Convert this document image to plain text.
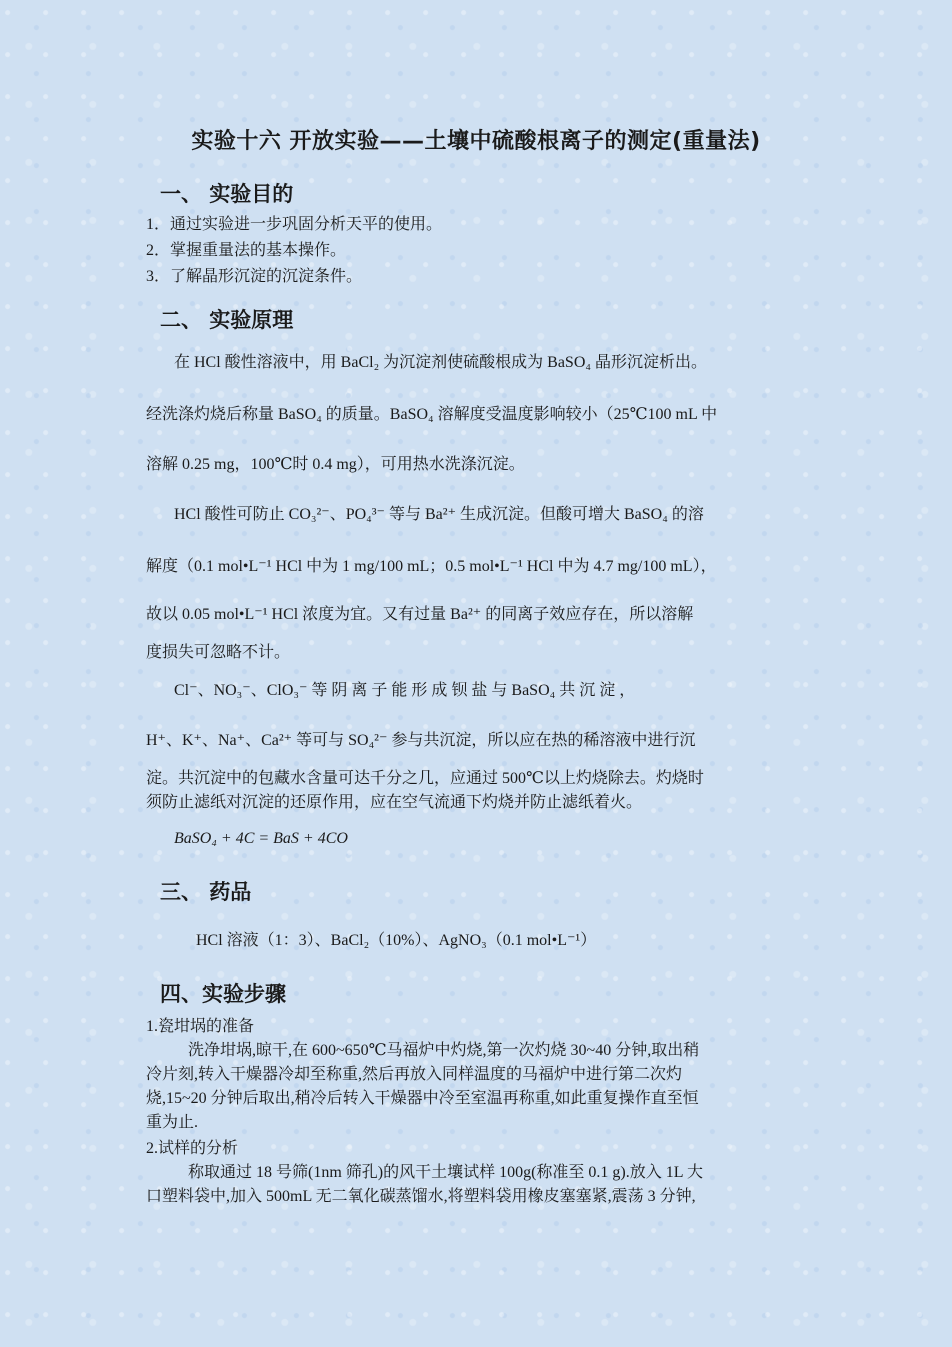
实验十六 开放实验——土壤中硫酸根离子的测定(重量法)
一、 实验目的
1．通过实验进一步巩固分析天平的使用。
2．掌握重量法的基本操作。
3．了解晶形沉淀的沉淀条件。
二、 实验原理
在 HCl 酸性溶液中，用 BaCl₂ 为沉淀剂使硫酸根成为 BaSO₄ 晶形沉淀析出。
经洗涤灼烧后称量 BaSO₄ 的质量。BaSO₄ 溶解度受温度影响较小（25℃100 mL 中
溶解 0.25 mg，100℃时 0.4 mg），可用热水洗涤沉淀。
HCl 酸性可防止 CO₃²⁻、PO₄³⁻ 等与 Ba²⁺ 生成沉淀。但酸可增大 BaSO₄ 的溶
解度（0.1 mol•L⁻¹ HCl 中为 1 mg/100 mL；0.5 mol•L⁻¹ HCl 中为 4.7 mg/100 mL），
故以 0.05 mol•L⁻¹ HCl 浓度为宜。又有过量 Ba²⁺ 的同离子效应存在，所以溶解
度损失可忽略不计。
Cl⁻、NO₃⁻、ClO₃⁻ 等 阴 离 子 能 形 成 钡 盐 与 BaSO₄ 共 沉 淀 ，
H⁺、K⁺、Na⁺、Ca²⁺ 等可与 SO₄²⁻ 参与共沉淀，所以应在热的稀溶液中进行沉
淀。共沉淀中的包藏水含量可达千分之几，应通过 500℃以上灼烧除去。灼烧时
须防止滤纸对沉淀的还原作用，应在空气流通下灼烧并防止滤纸着火。
BaSO₄ + 4C = BaS + 4CO
三、 药品
HCl 溶液（1：3）、BaCl₂（10%）、AgNO₃（0.1 mol•L⁻¹）
四、实验步骤
1.瓷坩埚的准备
洗净坩埚,晾干,在 600~650℃马福炉中灼烧,第一次灼烧 30~40 分钟,取出稍
冷片刻,转入干燥器冷却至称重,然后再放入同样温度的马福炉中进行第二次灼
烧,15~20 分钟后取出,稍冷后转入干燥器中冷至室温再称重,如此重复操作直至恒
重为止.
2.试样的分析
称取通过 18 号筛(1nm 筛孔)的风干土壤试样 100g(称准至 0.1 g).放入 1L 大
口塑料袋中,加入 500mL 无二氧化碳蒸馏水,将塑料袋用橡皮塞塞紧,震荡 3 分钟,
